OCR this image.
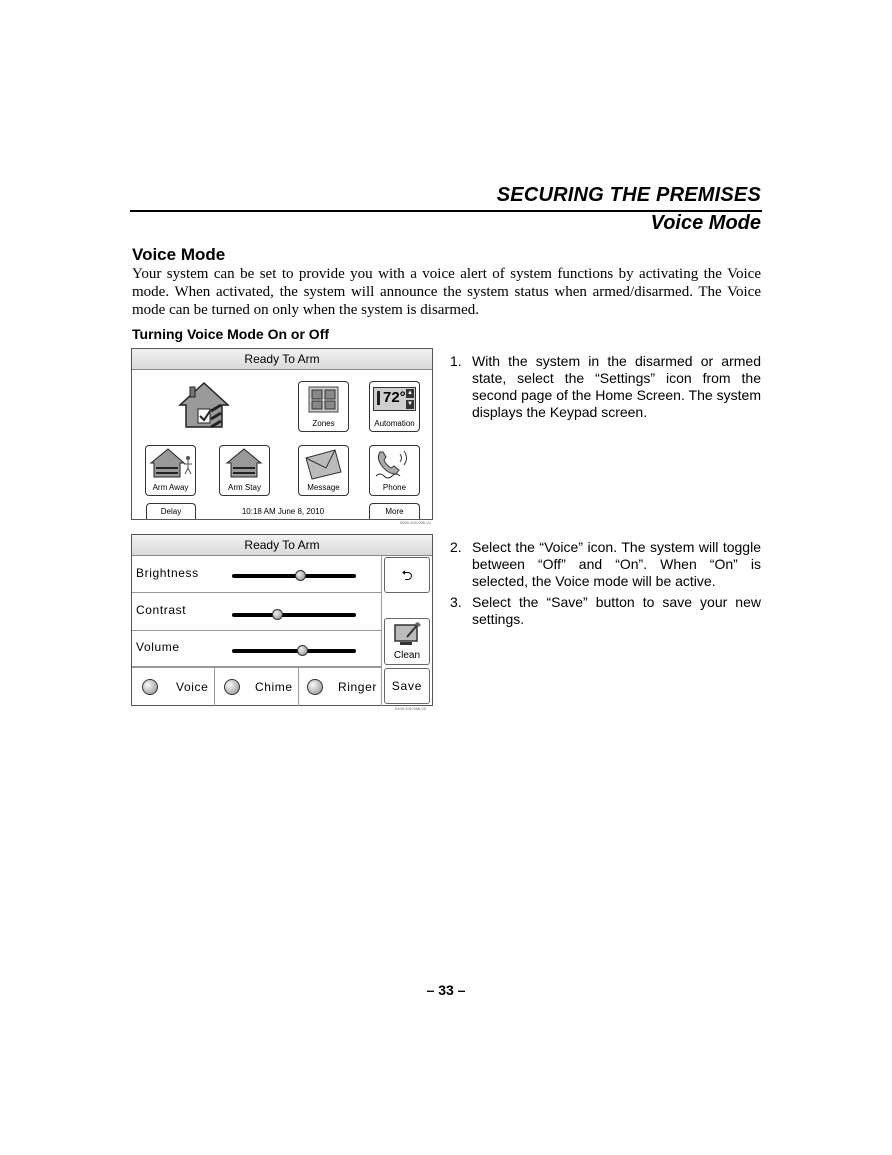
SECURING THE PREMISES
Voice Mode
Voice Mode
Your system can be set to provide you with a voice alert of system functions by activating the Voice mode. When activated, the system will announce the system status when armed/disarmed. The Voice mode can be turned on only when the system is disarmed.
Turning Voice Mode On or Off
Ready To Arm
Zones
72° ▲
▼
Automation
Arm Away	Arm Stay	Message	Phone
Delay	10:18 AM June 8, 2010	More
5000-100-006-V1
Ready To Arm
Brightness
Contrast
Volume
Voice	Chime	Ringer
⮌
Clean
Save
5100-100-088-V0
1. With the system in the disarmed or armed state, select the “Settings” icon from the second page of the Home Screen. The system displays the Keypad screen.
2. Select the “Voice” icon. The system will toggle between “Off” and “On”. When “On” is selected, the Voice mode will be active.
3. Select the “Save” button to save your new settings.
– 33 –
